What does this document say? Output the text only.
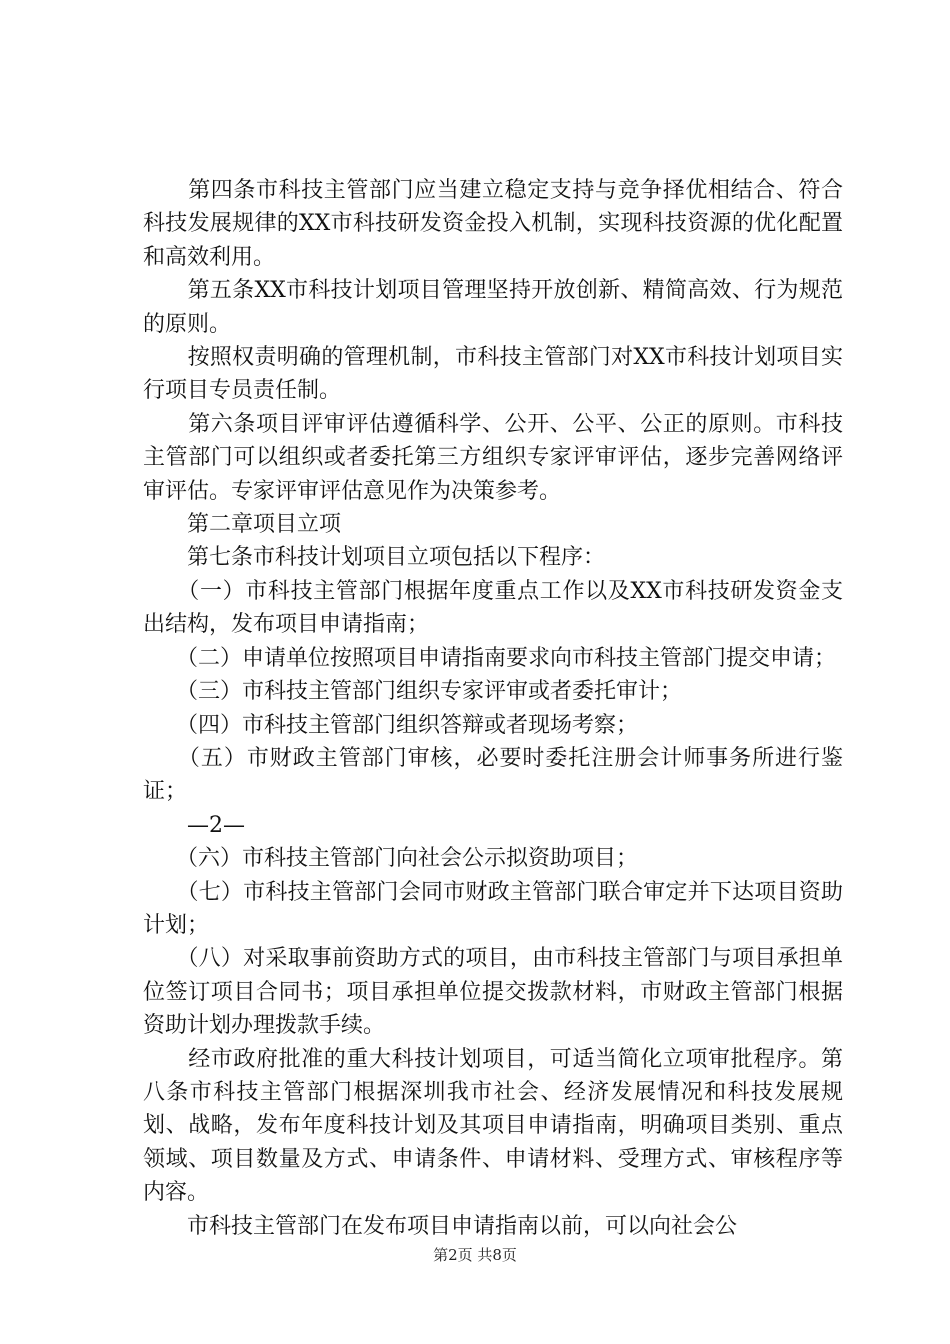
　　第四条市科技主管部门应当建立稳定支持与竞争择优相结合、符合科技发展规律的XX市科技研发资金投入机制，实现科技资源的优化配置和高效利用。

　　第五条XX市科技计划项目管理坚持开放创新、精简高效、行为规范的原则。

　　按照权责明确的管理机制，市科技主管部门对XX市科技计划项目实行项目专员责任制。

　　第六条项目评审评估遵循科学、公开、公平、公正的原则。市科技主管部门可以组织或者委托第三方组织专家评审评估，逐步完善网络评审评估。专家评审评估意见作为决策参考。

　　第二章项目立项

　　第七条市科技计划项目立项包括以下程序：

　　（一）市科技主管部门根据年度重点工作以及XX市科技研发资金支出结构，发布项目申请指南；

　　（二）申请单位按照项目申请指南要求向市科技主管部门提交申请；

　　（三）市科技主管部门组织专家评审或者委托审计；

　　（四）市科技主管部门组织答辩或者现场考察；

　　（五）市财政主管部门审核，必要时委托注册会计师事务所进行鉴证；

　　—2—

　　（六）市科技主管部门向社会公示拟资助项目；

　　（七）市科技主管部门会同市财政主管部门联合审定并下达项目资助计划；

　　（八）对采取事前资助方式的项目，由市科技主管部门与项目承担单位签订项目合同书；项目承担单位提交拨款材料，市财政主管部门根据资助计划办理拨款手续。

　　经市政府批准的重大科技计划项目，可适当简化立项审批程序。第八条市科技主管部门根据深圳我市社会、经济发展情况和科技发展规划、战略，发布年度科技计划及其项目申请指南，明确项目类别、重点领域、项目数量及方式、申请条件、申请材料、受理方式、审核程序等内容。

　　市科技主管部门在发布项目申请指南以前，可以向社会公

第2页 共8页
